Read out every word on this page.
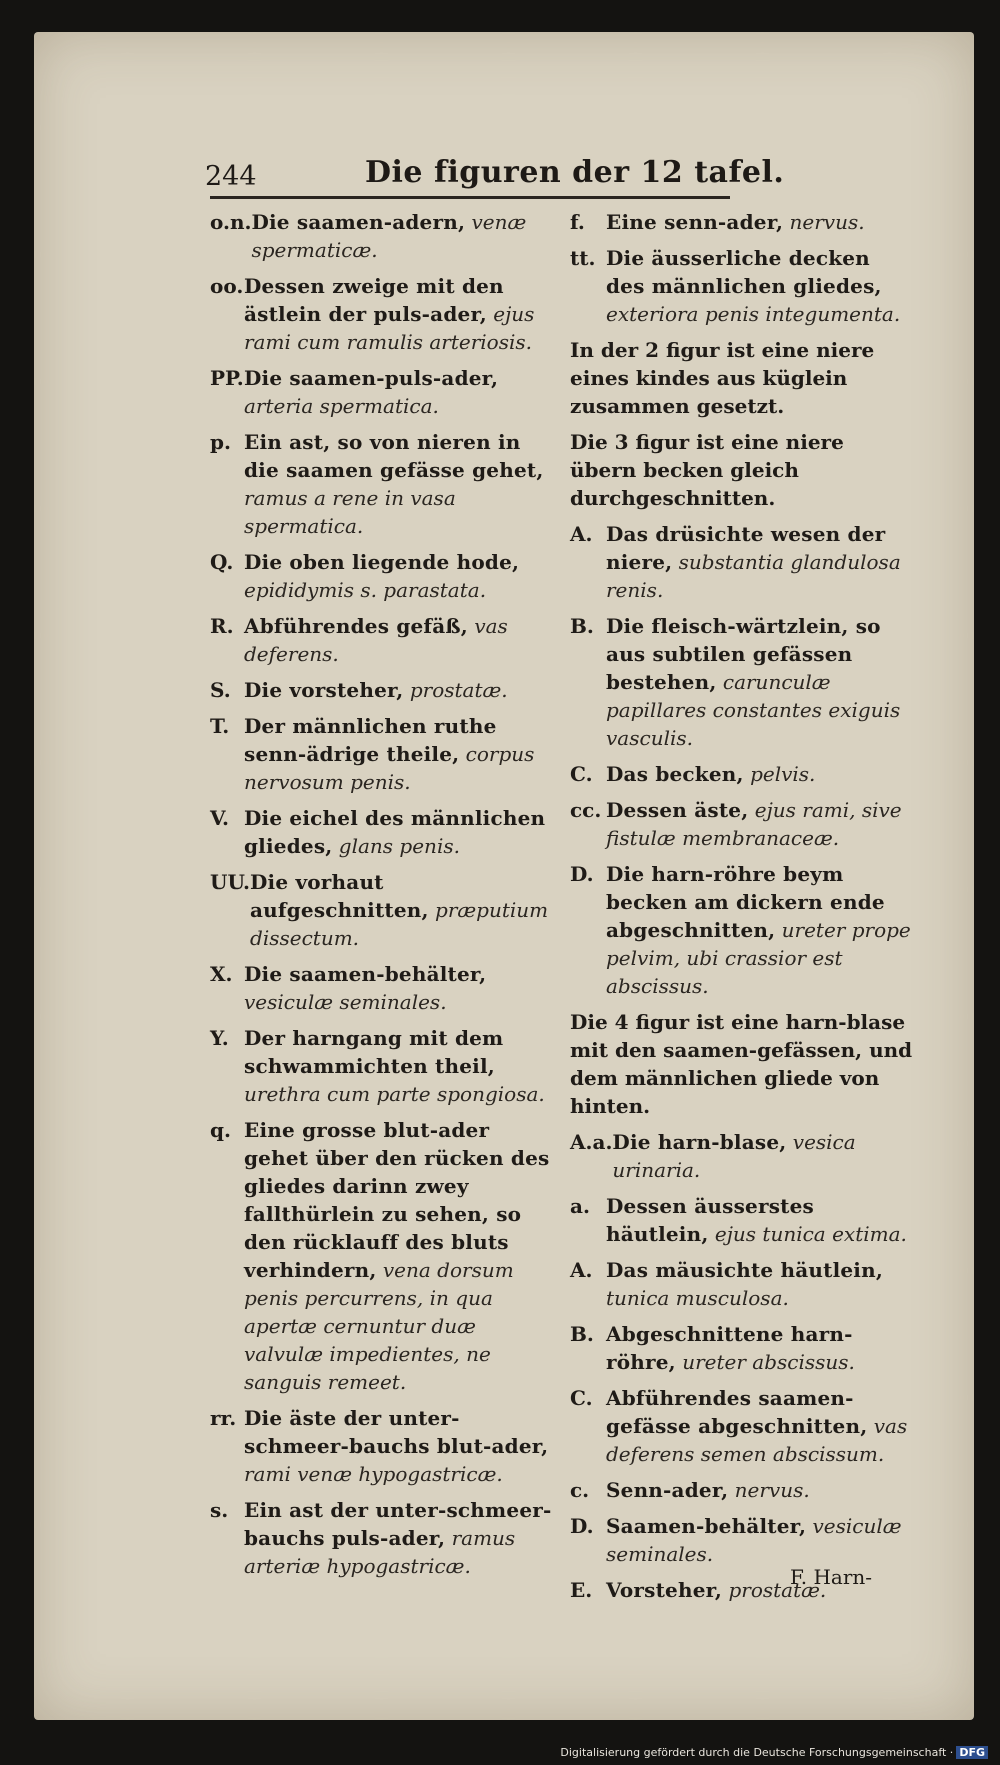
244	Die figuren der 12 tafel.
o.n. Die saamen-adern, venæ spermaticæ.
oo. Dessen zweige mit den ästlein der puls-ader, ejus rami cum ramulis arteriosis.
PP. Die saamen-puls-ader, arteria spermatica.
p. Ein ast, so von nieren in die saamen gefässe gehet, ramus a rene in vasa spermatica.
Q. Die oben liegende hode, epididymis s. parastata.
R. Abführendes gefäß, vas deferens.
S. Die vorsteher, prostatæ.
T. Der männlichen ruthe senn-ädrige theile, corpus nervosum penis.
V. Die eichel des männlichen gliedes, glans penis.
UU. Die vorhaut aufgeschnitten, præputium dissectum.
X. Die saamen-behälter, vesiculæ seminales.
Y. Der harngang mit dem schwammichten theil, urethra cum parte spongiosa.
q. Eine grosse blut-ader gehet über den rücken des gliedes darinn zwey fallthürlein zu sehen, so den rücklauff des bluts verhindern, vena dorsum penis percurrens, in qua apertæ cernuntur duæ valvulæ impedientes, ne sanguis remeet.
rr. Die äste der unter-schmeer-bauchs blut-ader, rami venæ hypogastricæ.
s. Ein ast der unter-schmeer-bauchs puls-ader, ramus arteriæ hypogastricæ.
f.	Eine senn-ader, nervus.
tt. Die äusserliche decken des männlichen gliedes, exteriora penis integumenta.
In der 2 figur ist eine niere eines kindes aus küglein zusammen gesetzt.
Die 3 figur ist eine niere übern becken gleich durchgeschnitten.
A. Das drüsichte wesen der niere, substantia glandulosa renis.
B. Die fleisch-wärtzlein, so aus subtilen gefässen bestehen, carunculæ papillares constantes exiguis vasculis.
C. Das becken, pelvis.
cc. Dessen äste, ejus rami, sive fistulæ membranaceæ.
D. Die harn-röhre beym becken am dickern ende abgeschnitten, ureter prope pelvim, ubi crassior est abscissus.
Die 4 figur ist eine harn-blase mit den saamen-gefässen, und dem männlichen gliede von hinten.
A.a. Die harn-blase, vesica urinaria.
a. Dessen äusserstes häutlein, ejus tunica extima.
A. Das mäusichte häutlein, tunica musculosa.
B. Abgeschnittene harn-röhre, ureter abscissus.
C. Abführendes saamen-gefässe abgeschnitten, vas deferens semen abscissum.
c. Senn-ader, nervus.
D. Saamen-behälter, vesiculæ seminales.
E. Vorsteher, prostatæ.
F. Harn-
Digitalisierung gefördert durch die Deutsche Forschungsgemeinschaft · DFG
